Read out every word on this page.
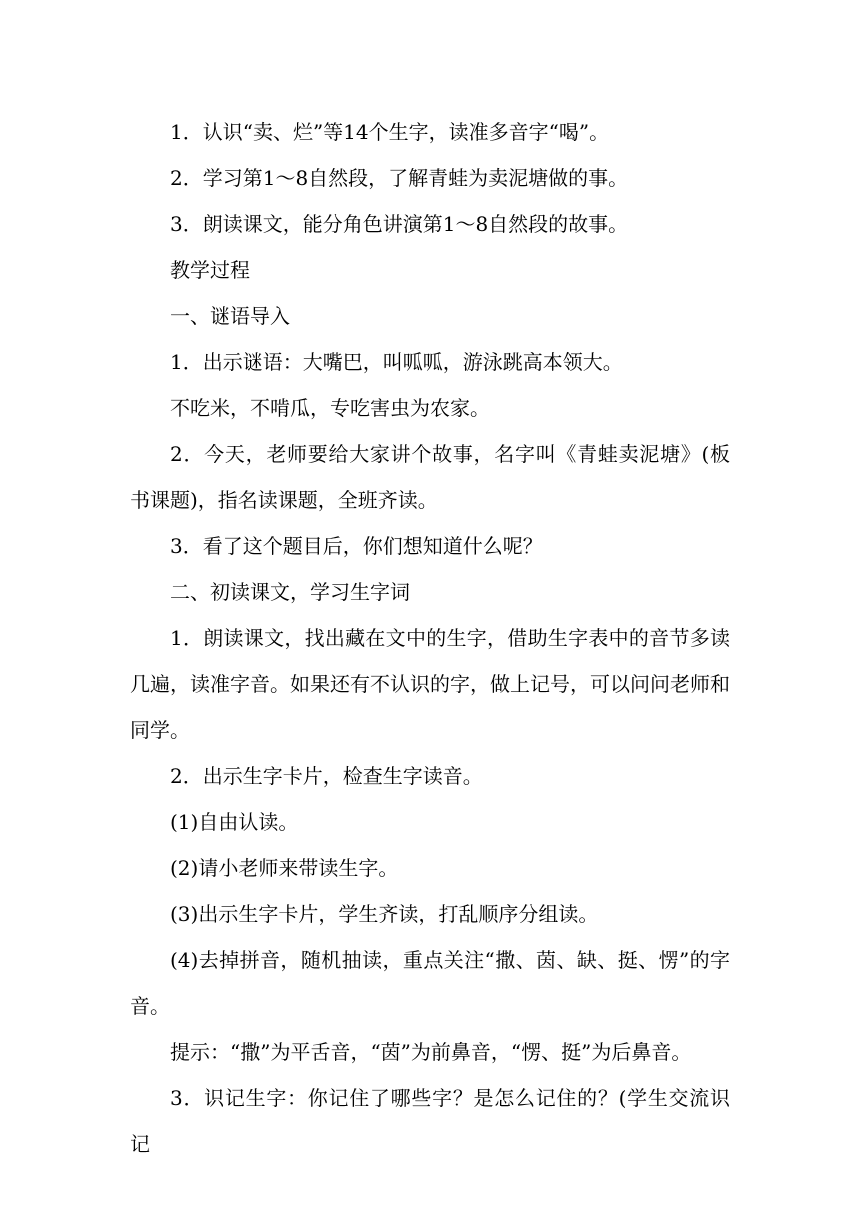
1．认识“卖、烂”等14个生字，读准多音字“喝”。

2．学习第1～8自然段，了解青蛙为卖泥塘做的事。

3．朗读课文，能分角色讲演第1～8自然段的故事。

教学过程

一、谜语导入

1．出示谜语：大嘴巴，叫呱呱，游泳跳高本领大。

不吃米，不啃瓜，专吃害虫为农家。

2．今天，老师要给大家讲个故事，名字叫《青蛙卖泥塘》(板书课题)，指名读课题，全班齐读。

3．看了这个题目后，你们想知道什么呢？

二、初读课文，学习生字词

1．朗读课文，找出藏在文中的生字，借助生字表中的音节多读几遍，读准字音。如果还有不认识的字，做上记号，可以问问老师和同学。

2．出示生字卡片，检查生字读音。

(1)自由认读。

(2)请小老师来带读生字。

(3)出示生字卡片，学生齐读，打乱顺序分组读。

(4)去掉拼音，随机抽读，重点关注“撒、茵、缺、挺、愣”的字音。

提示：“撒”为平舌音，“茵”为前鼻音，“愣、挺”为后鼻音。

3．识记生字：你记住了哪些字？是怎么记住的？(学生交流识记
